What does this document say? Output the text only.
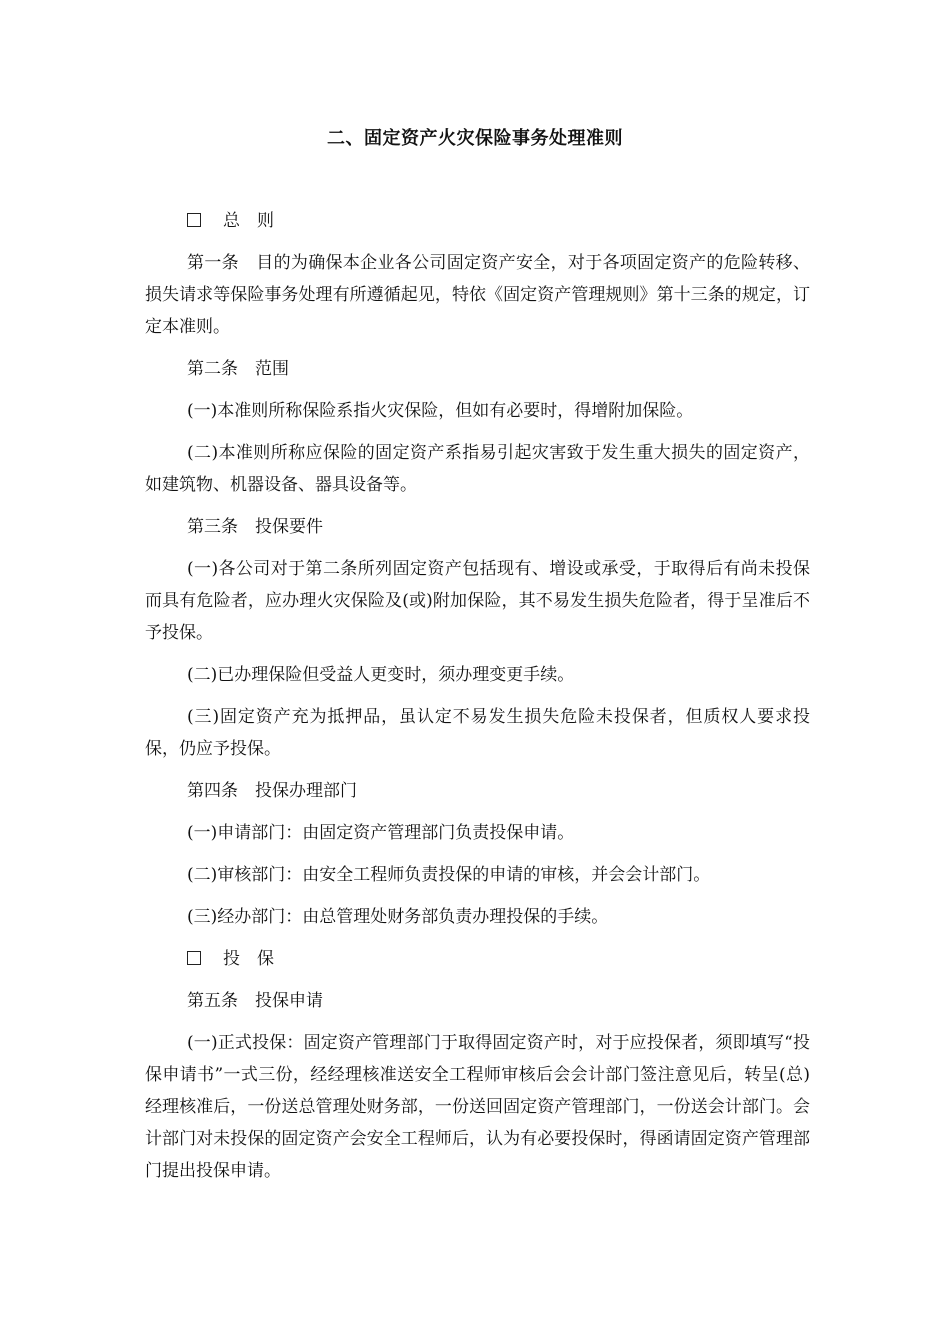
二、固定资产火灾保险事务处理准则

总　则

第一条　目的为确保本企业各公司固定资产安全，对于各项固定资产的危险转移、损失请求等保险事务处理有所遵循起见，特依《固定资产管理规则》第十三条的规定，订定本准则。

第二条　范围

(一)本准则所称保险系指火灾保险，但如有必要时，得增附加保险。

(二)本准则所称应保险的固定资产系指易引起灾害致于发生重大损失的固定资产，如建筑物、机器设备、器具设备等。

第三条　投保要件

(一)各公司对于第二条所列固定资产包括现有、增设或承受，于取得后有尚未投保而具有危险者，应办理火灾保险及(或)附加保险，其不易发生损失危险者，得于呈准后不予投保。

(二)已办理保险但受益人更变时，须办理变更手续。

(三)固定资产充为抵押品，虽认定不易发生损失危险未投保者，但质权人要求投保，仍应予投保。

第四条　投保办理部门

(一)申请部门：由固定资产管理部门负责投保申请。

(二)审核部门：由安全工程师负责投保的申请的审核，并会会计部门。

(三)经办部门：由总管理处财务部负责办理投保的手续。

投　保

第五条　投保申请

(一)正式投保：固定资产管理部门于取得固定资产时，对于应投保者，须即填写“投保申请书”一式三份，经经理核准送安全工程师审核后会会计部门签注意见后，转呈(总)经理核准后，一份送总管理处财务部，一份送回固定资产管理部门，一份送会计部门。会计部门对未投保的固定资产会安全工程师后，认为有必要投保时，得函请固定资产管理部门提出投保申请。
